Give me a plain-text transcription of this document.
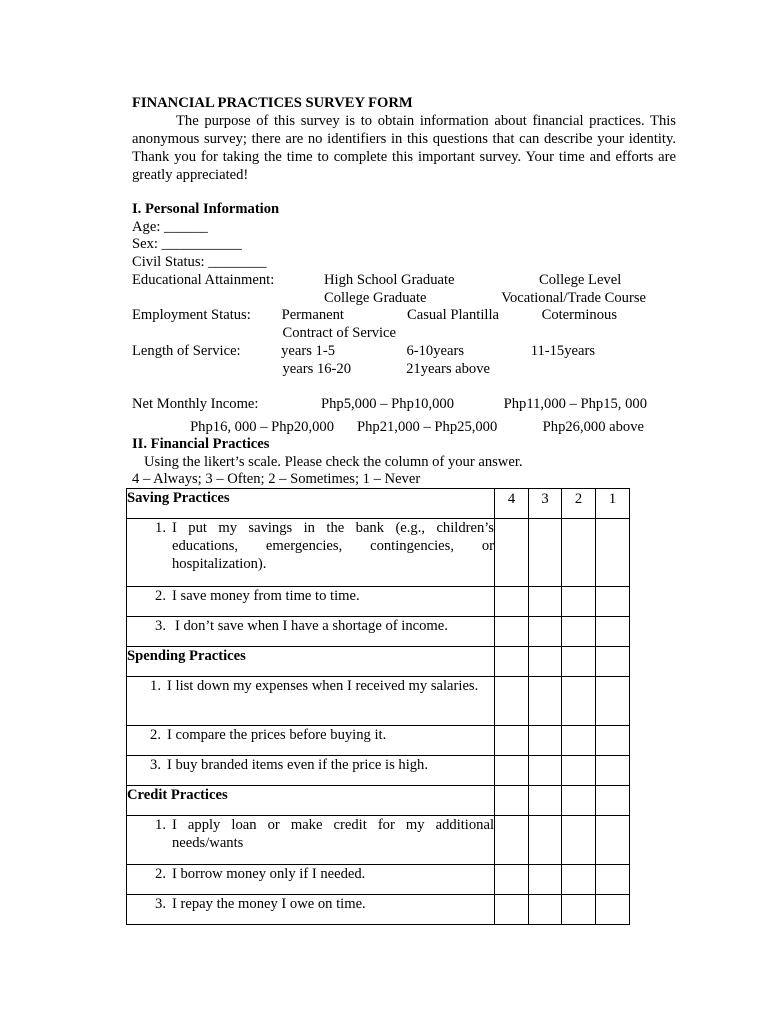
FINANCIAL PRACTICES SURVEY FORM
The purpose of this survey is to obtain information about financial practices. This anonymous survey; there are no identifiers in this questions that can describe your identity. Thank you for taking the time to complete this important survey. Your time and efforts are greatly appreciated!
I. Personal Information
Age: ______
Sex: ___________
Civil Status: ________
Educational Attainment:	High School Graduate	College Level
College Graduate	Vocational/Trade Course
Employment Status: Permanent	Casual Plantilla	Coterminous
Contract of Service
Length of Service:	1-5 years	6-10years	11-15years
16-20 years	21years above
Net Monthly Income:	Php5,000 – Php10,000	Php11,000 – Php15, 000
Php16, 000 – Php20,000 Php21,000 – Php25,000	Php26,000 above
II. Financial Practices
Using the likert’s scale. Please check the column of your answer.
4 – Always; 3 – Often; 2 – Sometimes; 1 – Never
Saving Practices	4	3	2	1

1. I put my savings in the bank (e.g., children’s educations, emergencies, contingencies, or hospitalization).				

2. I save money from time to time.				

3. I don’t save when I have a shortage of income.				

Spending Practices				

1. I list down my expenses when I received my salaries.				

2. I compare the prices before buying it.				

3. I buy branded items even if the price is high.				

Credit Practices				

1. I apply loan or make credit for my additional needs/wants				

2. I borrow money only if I needed.				

3. I repay the money I owe on time.				
